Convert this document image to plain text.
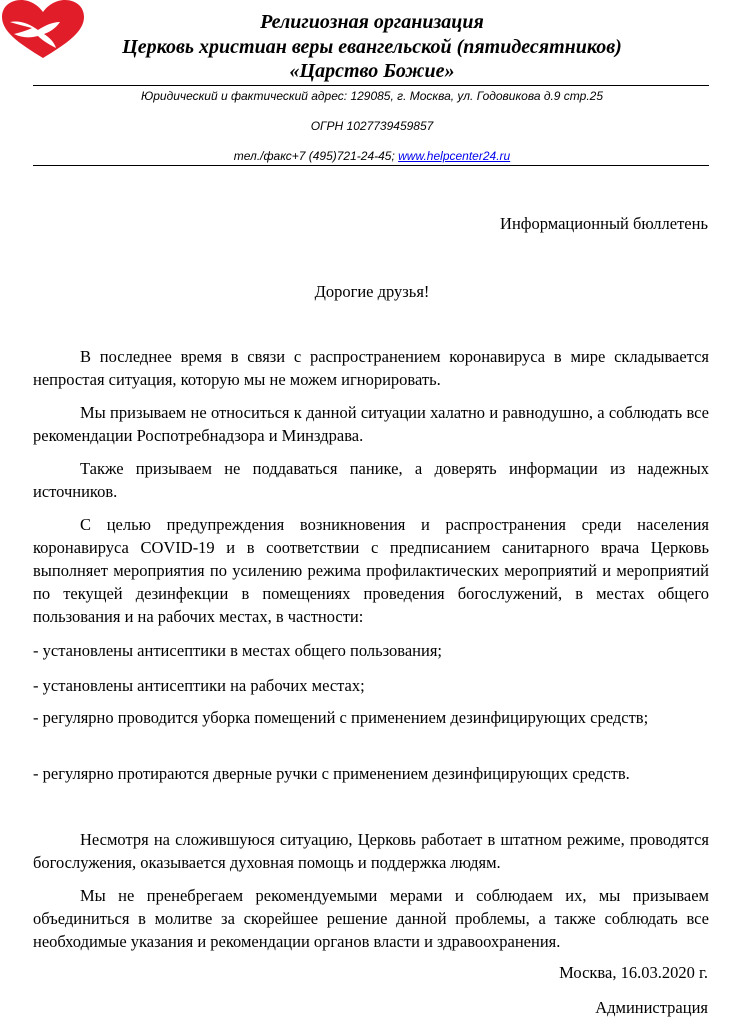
Религиозная организация
Церковь христиан веры евангельской (пятидесятников)
«Царство Божие»
Юридический и фактический адрес: 129085, г. Москва, ул. Годовикова д.9 стр.25
ОГРН 1027739459857
тел./факс+7 (495)721-24-45; www.helpcenter24.ru
Информационный бюллетень
Дорогие друзья!

В последнее время в связи с распространением коронавируса в мире складывается непростая ситуация, которую мы не можем игнорировать.

Мы призываем не относиться к данной ситуации халатно и равнодушно, а соблюдать все рекомендации Роспотребнадзора и Минздрава.

Также призываем не поддаваться панике, а доверять информации из надежных источников.

С целью предупреждения возникновения и распространения среди населения коронавируса COVID-19 и в соответствии с предписанием санитарного врача Церковь выполняет мероприятия по усилению режима профилактических мероприятий и мероприятий по текущей дезинфекции в помещениях проведения богослужений, в местах общего пользования и на рабочих местах, в частности:

- установлены антисептики в местах общего пользования;

- установлены антисептики на рабочих местах;

- регулярно проводится уборка помещений с применением дезинфицирующих средств;

- регулярно протираются дверные ручки с применением дезинфицирующих средств.

Несмотря на сложившуюся ситуацию, Церковь работает в штатном режиме, проводятся богослужения, оказывается духовная помощь и поддержка людям.

Мы не пренебрегаем рекомендуемыми мерами и соблюдаем их, мы призываем объединиться в молитве за скорейшее решение данной проблемы, а также соблюдать все необходимые указания и рекомендации органов власти и здравоохранения.

Москва, 16.03.2020 г.
Администрация
